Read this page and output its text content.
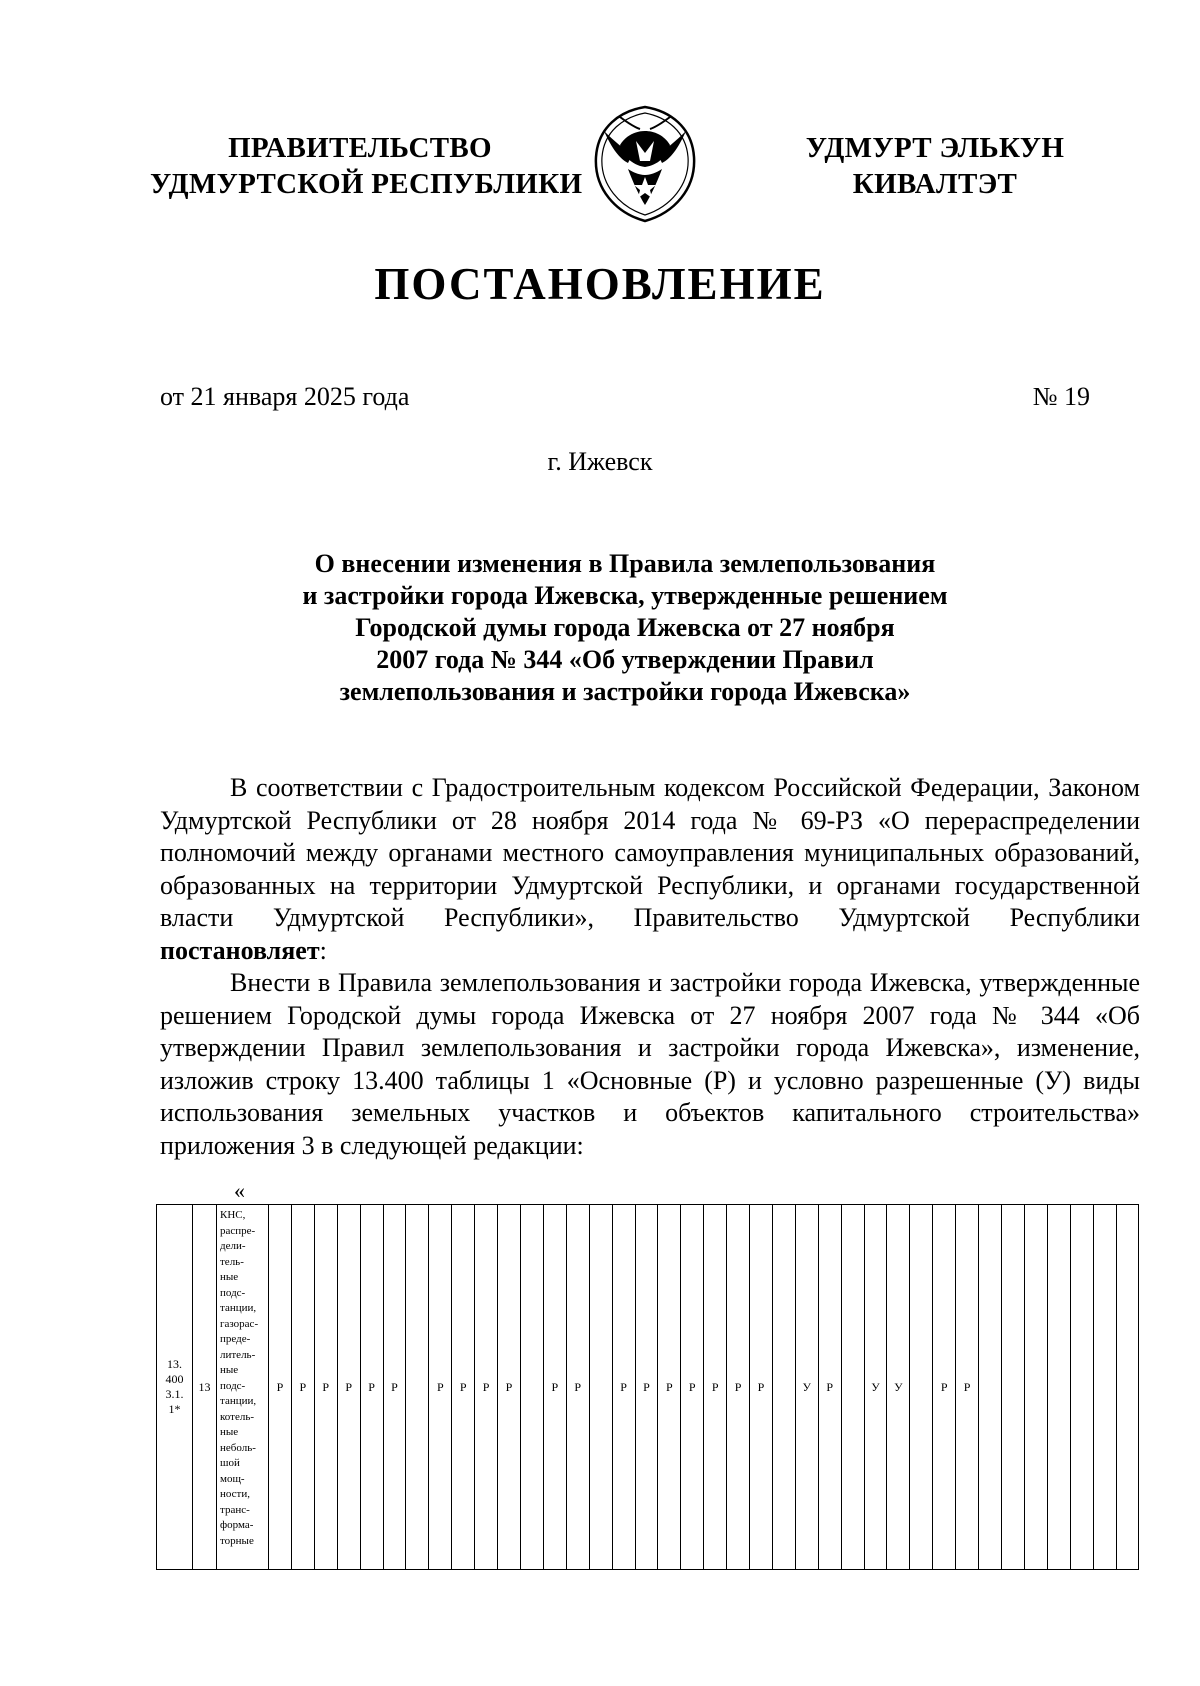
ПРАВИТЕЛЬСТВО
УДМУРТСКОЙ РЕСПУБЛИКИ
УДМУРТ ЭЛЬКУН
КИВАЛТЭТ
ПОСТАНОВЛЕНИЕ
от 21 января 2025 года	№ 19
г. Ижевск
О внесении изменения в Правила землепользования
и застройки города Ижевска, утвержденные решением
Городской думы города Ижевска от 27 ноября
2007 года № 344 «Об утверждении Правил
землепользования и застройки города Ижевска»

В соответствии с Градостроительным кодексом Российской Федерации, Законом Удмуртской Республики от 28 ноября 2014 года № 69-РЗ «О перераспределении полномочий между органами местного самоуправления муниципальных образований, образованных на территории Удмуртской Республики, и органами государственной власти Удмуртской Республики», Правительство Удмуртской Республики постановляет:

Внести в Правила землепользования и застройки города Ижевска, утвержденные решением Городской думы города Ижевска от 27 ноября 2007 года № 344 «Об утверждении Правил землепользования и застройки города Ижевска», изменение, изложив строку 13.400 таблицы 1 «Основные (Р) и условно разрешенные (У) виды использования земельных участков и объектов капитального строительства» приложения 3 в следующей редакции:

«
13.
400
3.1.
1*
	13	
КНС,
распре-
дели-
тель-
ные
подс-
танции,
газорас-
преде-
литель-
ные
подс-
танции,
котель-
ные
неболь-
шой
мощ-
ности,
транс-
форма-
торные
	Р	Р	Р	Р	Р	Р		Р	Р	Р	Р		Р	Р		Р	Р	Р	Р	Р	Р	Р		У	Р		У	У		Р	Р							
